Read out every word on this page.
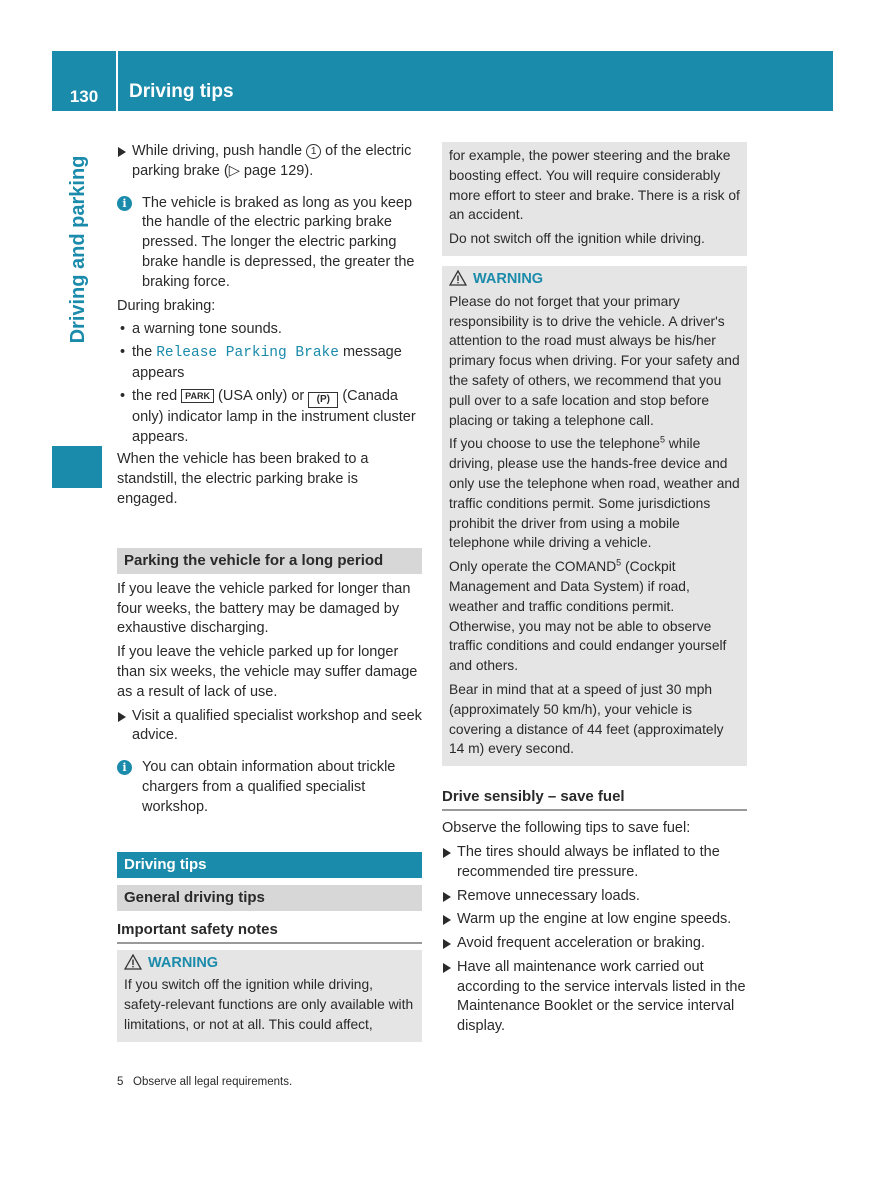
130	Driving tips
Driving and parking
While driving, push handle 1 of the electric parking brake (▷ page 129).
i	The vehicle is braked as long as you keep the handle of the electric parking brake pressed. The longer the electric parking brake handle is depressed, the greater the braking force.
During braking:
• a warning tone sounds.
• the Release Parking Brake message appears
• the red PARK (USA only) or (P) (Canada only) indicator lamp in the instrument cluster appears.
When the vehicle has been braked to a standstill, the electric parking brake is engaged.
Parking the vehicle for a long period
If you leave the vehicle parked for longer than four weeks, the battery may be damaged by exhaustive discharging.
If you leave the vehicle parked up for longer than six weeks, the vehicle may suffer damage as a result of lack of use.
Visit a qualified specialist workshop and seek advice.
i	You can obtain information about trickle chargers from a qualified specialist workshop.
Driving tips
General driving tips
Important safety notes
WARNING
If you switch off the ignition while driving, safety-relevant functions are only available with limitations, or not at all. This could affect,
for example, the power steering and the brake boosting effect. You will require considerably more effort to steer and brake. There is a risk of an accident.
Do not switch off the ignition while driving.
WARNING
Please do not forget that your primary responsibility is to drive the vehicle. A driver's attention to the road must always be his/her primary focus when driving. For your safety and the safety of others, we recommend that you pull over to a safe location and stop before placing or taking a telephone call.
If you choose to use the telephone$^5$ while driving, please use the hands-free device and only use the telephone when road, weather and traffic conditions permit. Some jurisdictions prohibit the driver from using a mobile telephone while driving a vehicle.
Only operate the COMAND$^5$ (Cockpit Management and Data System) if road, weather and traffic conditions permit. Otherwise, you may not be able to observe traffic conditions and could endanger yourself and others.
Bear in mind that at a speed of just 30 mph (approximately 50 km/h), your vehicle is covering a distance of 44 feet (approximately 14 m) every second.
Drive sensibly – save fuel
Observe the following tips to save fuel:
The tires should always be inflated to the recommended tire pressure.
Remove unnecessary loads.
Warm up the engine at low engine speeds.
Avoid frequent acceleration or braking.
Have all maintenance work carried out according to the service intervals listed in the Maintenance Booklet or the service interval display.
5 Observe all legal requirements.
